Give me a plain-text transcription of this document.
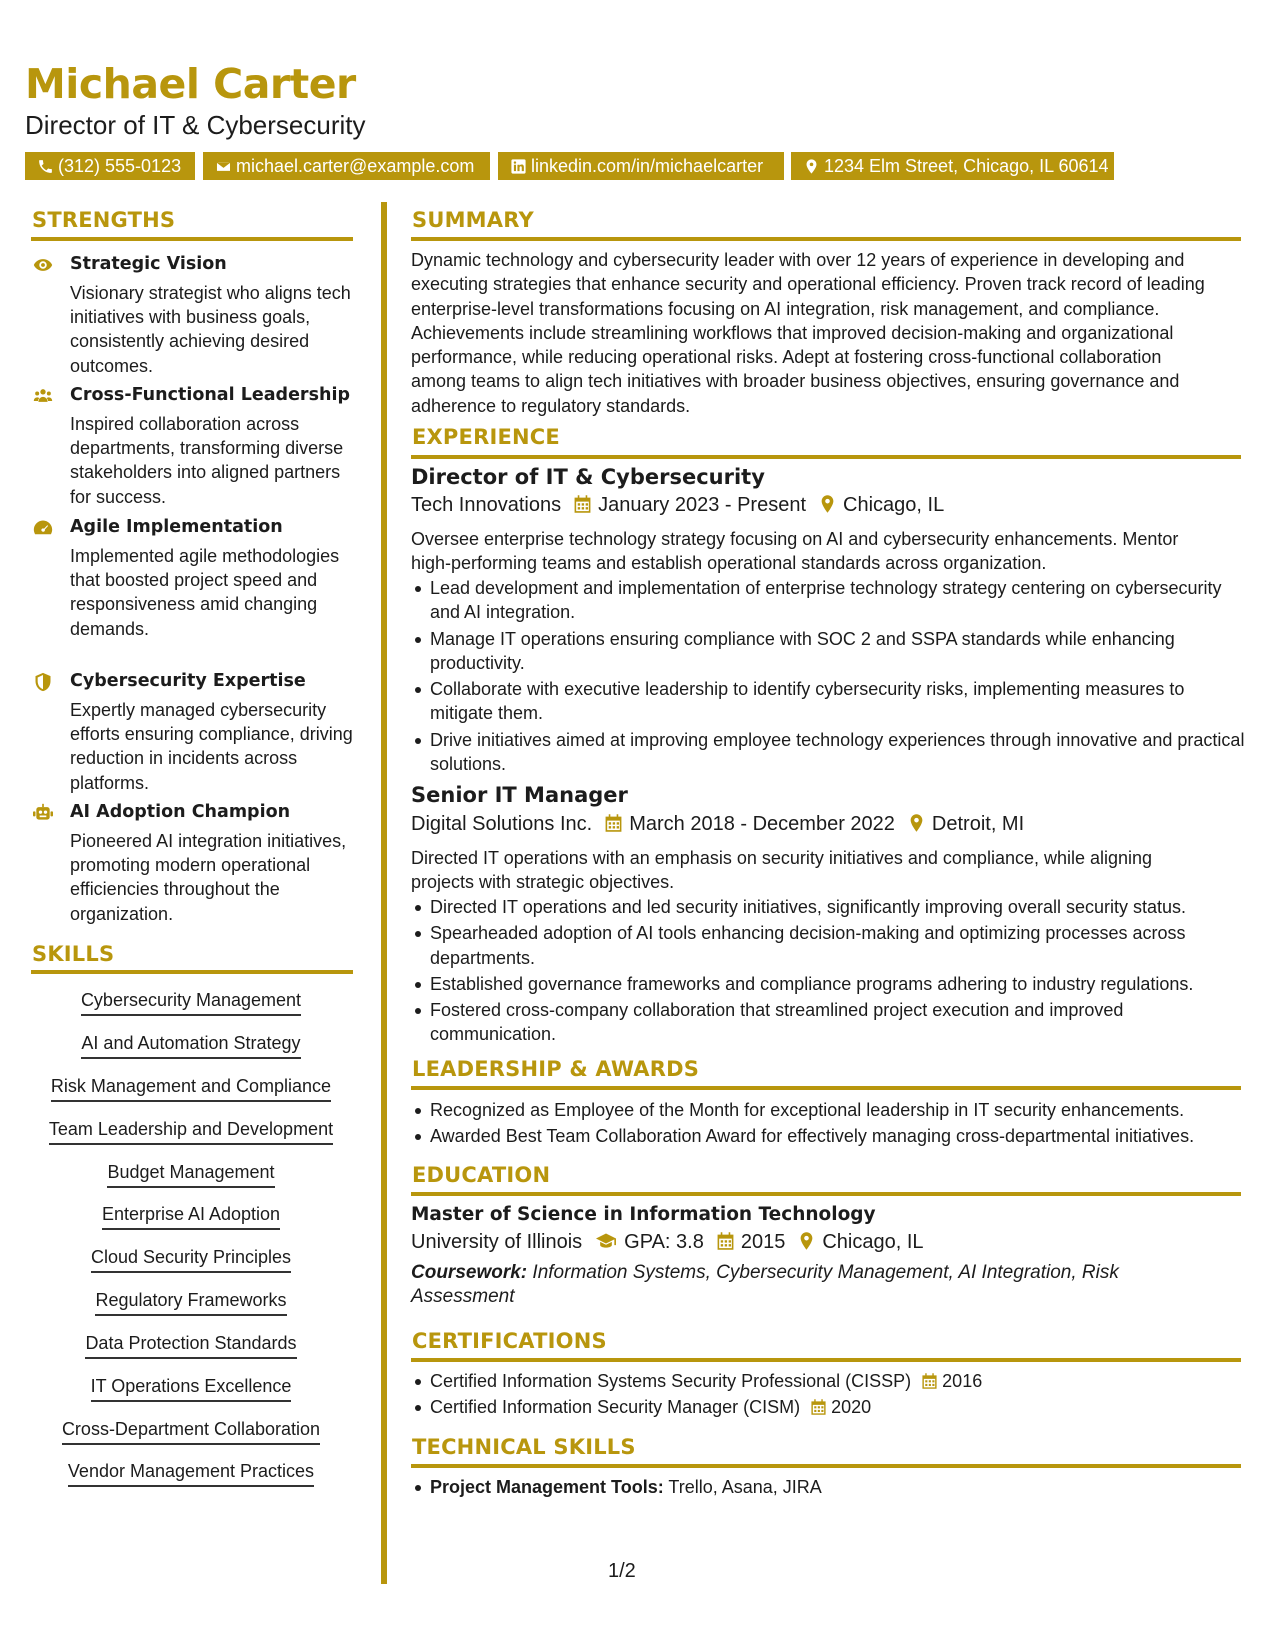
Michael Carter
Director of IT & Cybersecurity
(312) 555-0123	michael.carter@example.com	linkedin.com/in/michaelcarter	1234 Elm Street, Chicago, IL 60614
STRENGTHS
Strategic Vision
Visionary strategist who aligns tech initiatives with business goals, consistently achieving desired outcomes.
Cross-Functional Leadership
Inspired collaboration across departments, transforming diverse stakeholders into aligned partners for success.
Agile Implementation
Implemented agile methodologies that boosted project speed and responsiveness amid changing demands.
Cybersecurity Expertise
Expertly managed cybersecurity efforts ensuring compliance, driving reduction in incidents across platforms.
AI Adoption Champion
Pioneered AI integration initiatives, promoting modern operational efficiencies throughout the organization.
SKILLS
Cybersecurity Management
AI and Automation Strategy
Risk Management and Compliance
Team Leadership and Development
Budget Management
Enterprise AI Adoption
Cloud Security Principles
Regulatory Frameworks
Data Protection Standards
IT Operations Excellence
Cross-Department Collaboration
Vendor Management Practices
SUMMARY
Dynamic technology and cybersecurity leader with over 12 years of experience in developing and
executing strategies that enhance security and operational efficiency. Proven track record of leading
enterprise-level transformations focusing on AI integration, risk management, and compliance.
Achievements include streamlining workflows that improved decision-making and organizational
performance, while reducing operational risks. Adept at fostering cross-functional collaboration
among teams to align tech initiatives with broader business objectives, ensuring governance and
adherence to regulatory standards.
EXPERIENCE
Director of IT & Cybersecurity
Tech Innovations January 2023 - Present Chicago, IL
Oversee enterprise technology strategy focusing on AI and cybersecurity enhancements. Mentor
high-performing teams and establish operational standards across organization.
Lead development and implementation of enterprise technology strategy centering on cybersecurity and AI integration.
Manage IT operations ensuring compliance with SOC 2 and SSPA standards while enhancing productivity.
Collaborate with executive leadership to identify cybersecurity risks, implementing measures to mitigate them.
Drive initiatives aimed at improving employee technology experiences through innovative and practical solutions.
Senior IT Manager
Digital Solutions Inc. March 2018 - December 2022 Detroit, MI
Directed IT operations with an emphasis on security initiatives and compliance, while aligning
projects with strategic objectives.
Directed IT operations and led security initiatives, significantly improving overall security status.
Spearheaded adoption of AI tools enhancing decision-making and optimizing processes across departments.
Established governance frameworks and compliance programs adhering to industry regulations.
Fostered cross-company collaboration that streamlined project execution and improved communication.
LEADERSHIP & AWARDS
Recognized as Employee of the Month for exceptional leadership in IT security enhancements.
Awarded Best Team Collaboration Award for effectively managing cross-departmental initiatives.
EDUCATION
Master of Science in Information Technology
University of Illinois GPA: 3.8 2015 Chicago, IL
Coursework: Information Systems, Cybersecurity Management, AI Integration, Risk Assessment
CERTIFICATIONS
Certified Information Systems Security Professional (CISSP) 2016
Certified Information Security Manager (CISM) 2020
TECHNICAL SKILLS
Project Management Tools: Trello, Asana, JIRA
1/2
